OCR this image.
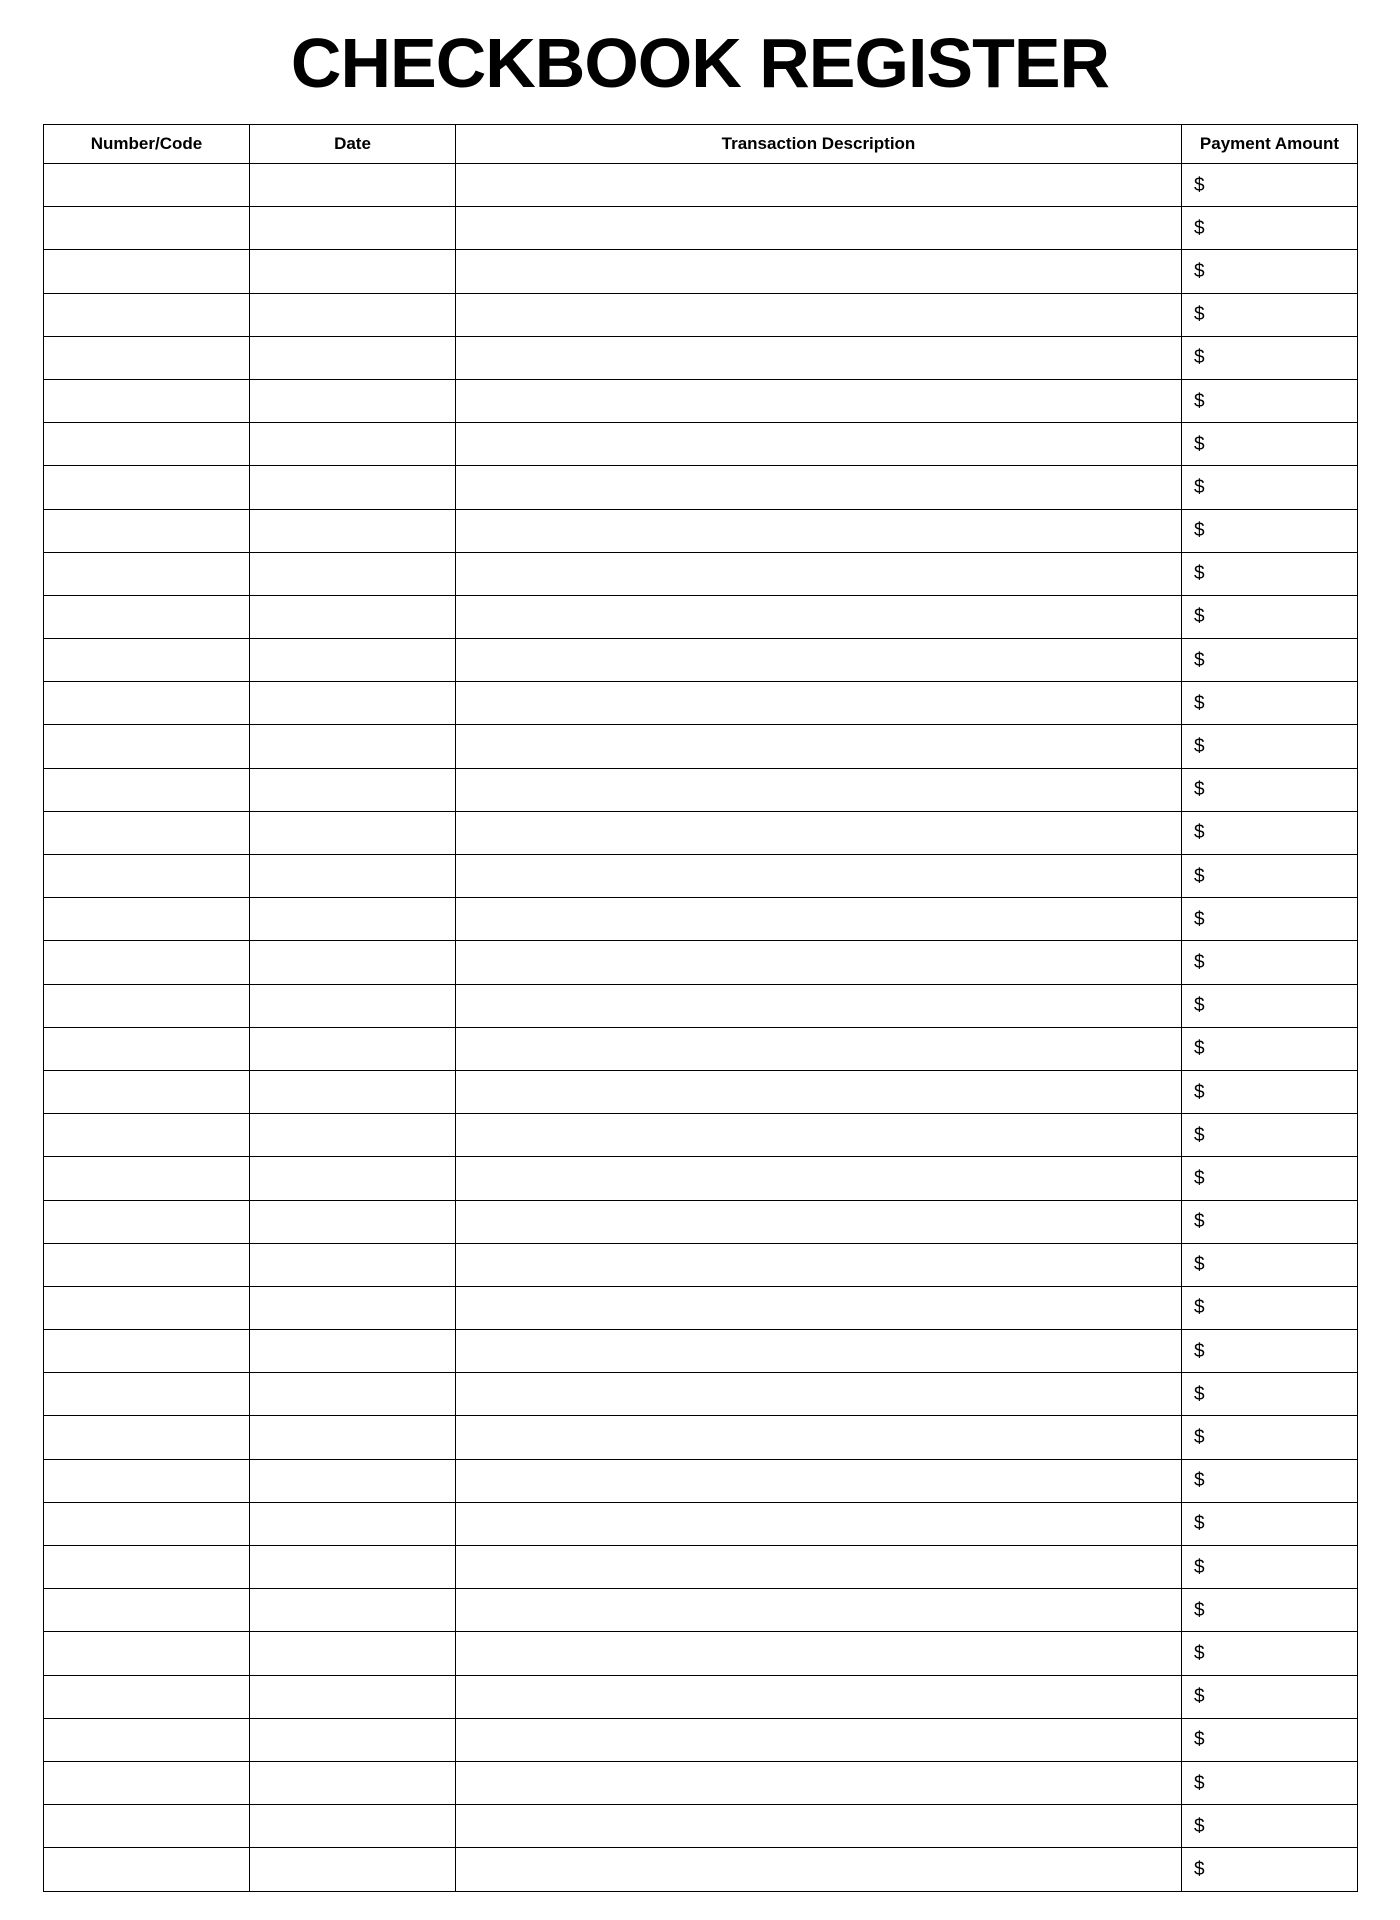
CHECKBOOK REGISTER
Number/Code	Date	Transaction Description	Payment Amount

			$

			$

			$

			$

			$

			$

			$

			$

			$

			$

			$

			$

			$

			$

			$

			$

			$

			$

			$

			$

			$

			$

			$

			$

			$

			$

			$

			$

			$

			$

			$

			$

			$

			$

			$

			$

			$

			$

			$

			$
